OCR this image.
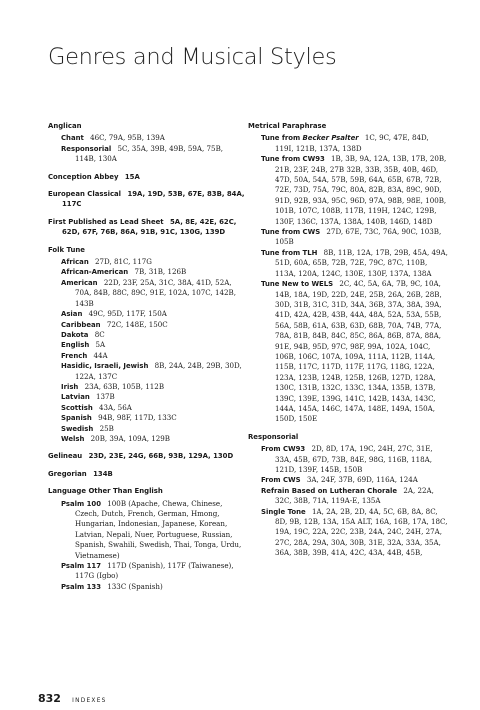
Genres and Musical Styles
Anglican
Chant 46C, 79A, 95B, 139A
Responsorial 5C, 35A, 39B, 49B, 59A, 75B, 114B, 130A
Conception Abbey 15A
European Classical 19A, 19D, 53B, 67E, 83B, 84A, 117C
First Published as Lead Sheet 5A, 8E, 42E, 62C, 62D, 67F, 76B, 86A, 91B, 91C, 130G, 139D
Folk Tune
African 27D, 81C, 117G
African-American 7B, 31B, 126B
American 22D, 23F, 25A, 31C, 38A, 41D, 52A, 70A, 84B, 88C, 89C, 91E, 102A, 107C, 142B, 143B
Asian 49C, 95D, 117F, 150A
Caribbean 72C, 148E, 150C
Dakota 8C
English 5A
French 44A
Hasidic, Israeli, Jewish 8B, 24A, 24B, 29B, 30D, 122A, 137C
Irish 23A, 63B, 105B, 112B
Latvian 137B
Scottish 43A, 56A
Spanish 94B, 98F, 117D, 133C
Swedish 25B
Welsh 20B, 39A, 109A, 129B
Gelineau 23D, 23E, 24G, 66B, 93B, 129A, 130D
Gregorian 134B
Language Other Than English
Psalm 100 100B (Apache, Chewa, Chinese, Czech, Dutch, French, German, Hmong, Hungarian, Indonesian, Japanese, Korean, Latvian, Nepali, Nuer, Portuguese, Russian, Spanish, Swahili, Swedish, Thai, Tonga, Urdu, Vietnamese)
Psalm 117 117D (Spanish), 117F (Taiwanese), 117G (Igbo)
Psalm 133 133C (Spanish)
Metrical Paraphrase
Tune from Becker Psalter 1C, 9C, 47E, 84D, 119I, 121B, 137A, 138D
Tune from CW93 1B, 3B, 9A, 12A, 13B, 17B, 20B, 21B, 23F, 24B, 27B 32B, 33B, 35B, 40B, 46D, 47D, 50A, 54A, 57B, 59B, 64A, 65B, 67B, 72B, 72E, 73D, 75A, 79C, 80A, 82B, 83A, 89C, 90D, 91D, 92B, 93A, 95C, 96D, 97A, 98B, 98E, 100B, 101B, 107C, 108B, 117B, 119H, 124C, 129B, 130F, 136C, 137A, 138A, 140B, 146D, 148D
Tune from CWS 27D, 67E, 73C, 76A, 90C, 103B, 105B
Tune from TLH 8B, 11B, 12A, 17B, 29B, 45A, 49A, 51D, 60A, 65B, 72B, 72E, 79C, 87C, 110B, 113A, 120A, 124C, 130E, 130F, 137A, 138A
Tune New to WELS 2C, 4C, 5A, 6A, 7B, 9C, 10A, 14B, 18A, 19D, 22D, 24E, 25B, 26A, 26B, 28B, 30D, 31B, 31C, 31D, 34A, 36B, 37A, 38A, 39A, 41D, 42A, 42B, 43B, 44A, 48A, 52A, 53A, 55B, 56A, 58B, 61A, 63B, 63D, 68B, 70A, 74B, 77A, 78A, 81B, 84B, 84C, 85C, 86A, 86B, 87A, 88A, 91E, 94B, 95D, 97C, 98F, 99A, 102A, 104C, 106B, 106C, 107A, 109A, 111A, 112B, 114A, 115B, 117C, 117D, 117F, 117G, 118G, 122A, 123A, 123B, 124B, 125B, 126B, 127D, 128A, 130C, 131B, 132C, 133C, 134A, 135B, 137B, 139C, 139E, 139G, 141C, 142B, 143A, 143C, 144A, 145A, 146C, 147A, 148E, 149A, 150A, 150D, 150E
Responsorial
From CW93 2D, 8D, 17A, 19C, 24H, 27C, 31E, 33A, 45B, 67D, 73B, 84E, 98G, 116B, 118A, 121D, 139F, 145B, 150B
From CWS 3A, 24F, 37B, 69D, 116A, 124A
Refrain Based on Lutheran Chorale 2A, 22A, 32C, 38B, 71A, 119A-E, 135A
Single Tone 1A, 2A, 2B, 2D, 4A, 5C, 6B, 8A, 8C, 8D, 9B, 12B, 13A, 15A ALT, 16A, 16B, 17A, 18C, 19A, 19C, 22A, 22C, 23B, 24A, 24C, 24H, 27A, 27C, 28A, 29A, 30A, 30B, 31E, 32A, 33A, 35A, 36A, 38B, 39B, 41A, 42C, 43A, 44B, 45B,
832 INDEXES
